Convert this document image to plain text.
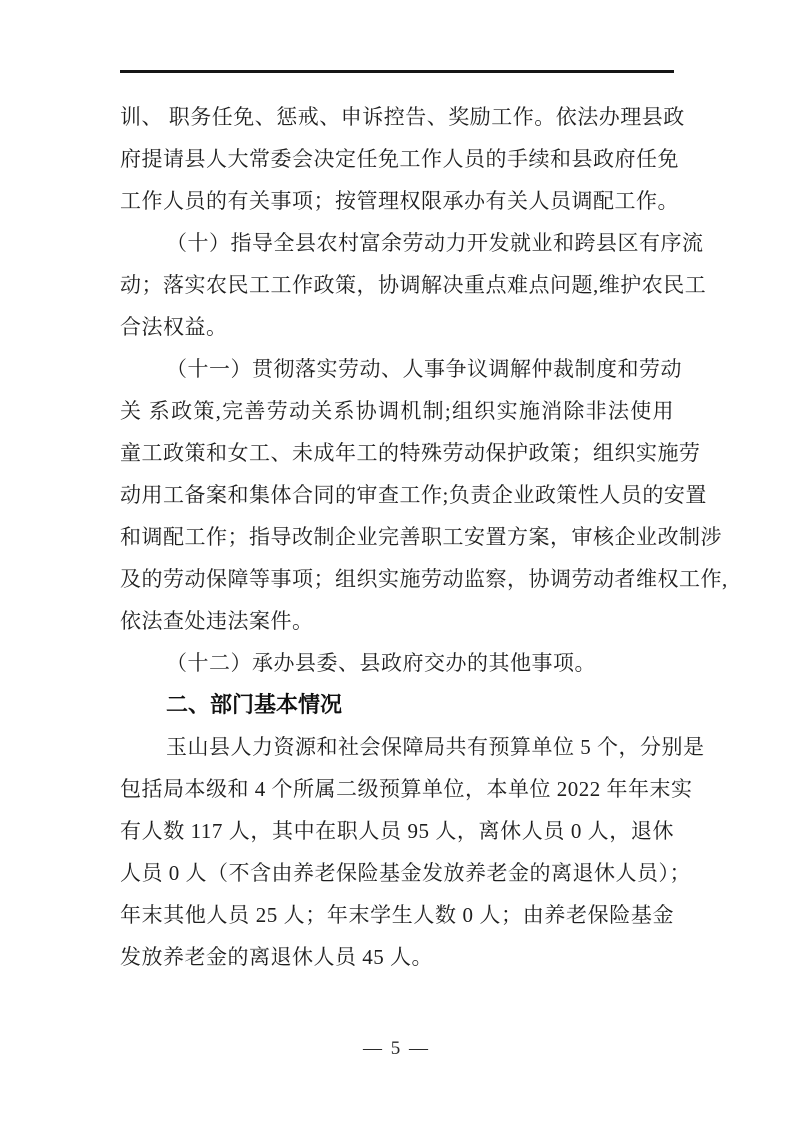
训、 职务任免、惩戒、申诉控告、奖励工作。依法办理县政
府提请县人大常委会决定任免工作人员的手续和县政府任免
工作人员的有关事项；按管理权限承办有关人员调配工作。
（十）指导全县农村富余劳动力开发就业和跨县区有序流
动；落实农民工工作政策，协调解决重点难点问题,维护农民工
合法权益。
（十一）贯彻落实劳动、人事争议调解仲裁制度和劳动
关 系政策,完善劳动关系协调机制;组织实施消除非法使用
童工政策和女工、未成年工的特殊劳动保护政策；组织实施劳
动用工备案和集体合同的审查工作;负责企业政策性人员的安置
和调配工作；指导改制企业完善职工安置方案，审核企业改制涉
及的劳动保障等事项；组织实施劳动监察，协调劳动者维权工作,
依法查处违法案件。
（十二）承办县委、县政府交办的其他事项。
二、部门基本情况
玉山县人力资源和社会保障局共有预算单位 5 个，分别是
包括局本级和 4 个所属二级预算单位，本单位 2022 年年末实
有人数 117 人，其中在职人员 95 人，离休人员 0 人，退休
人员 0 人（不含由养老保险基金发放养老金的离退休人员）；
年末其他人员 25 人；年末学生人数 0 人；由养老保险基金
发放养老金的离退休人员 45 人。
— 5 —
